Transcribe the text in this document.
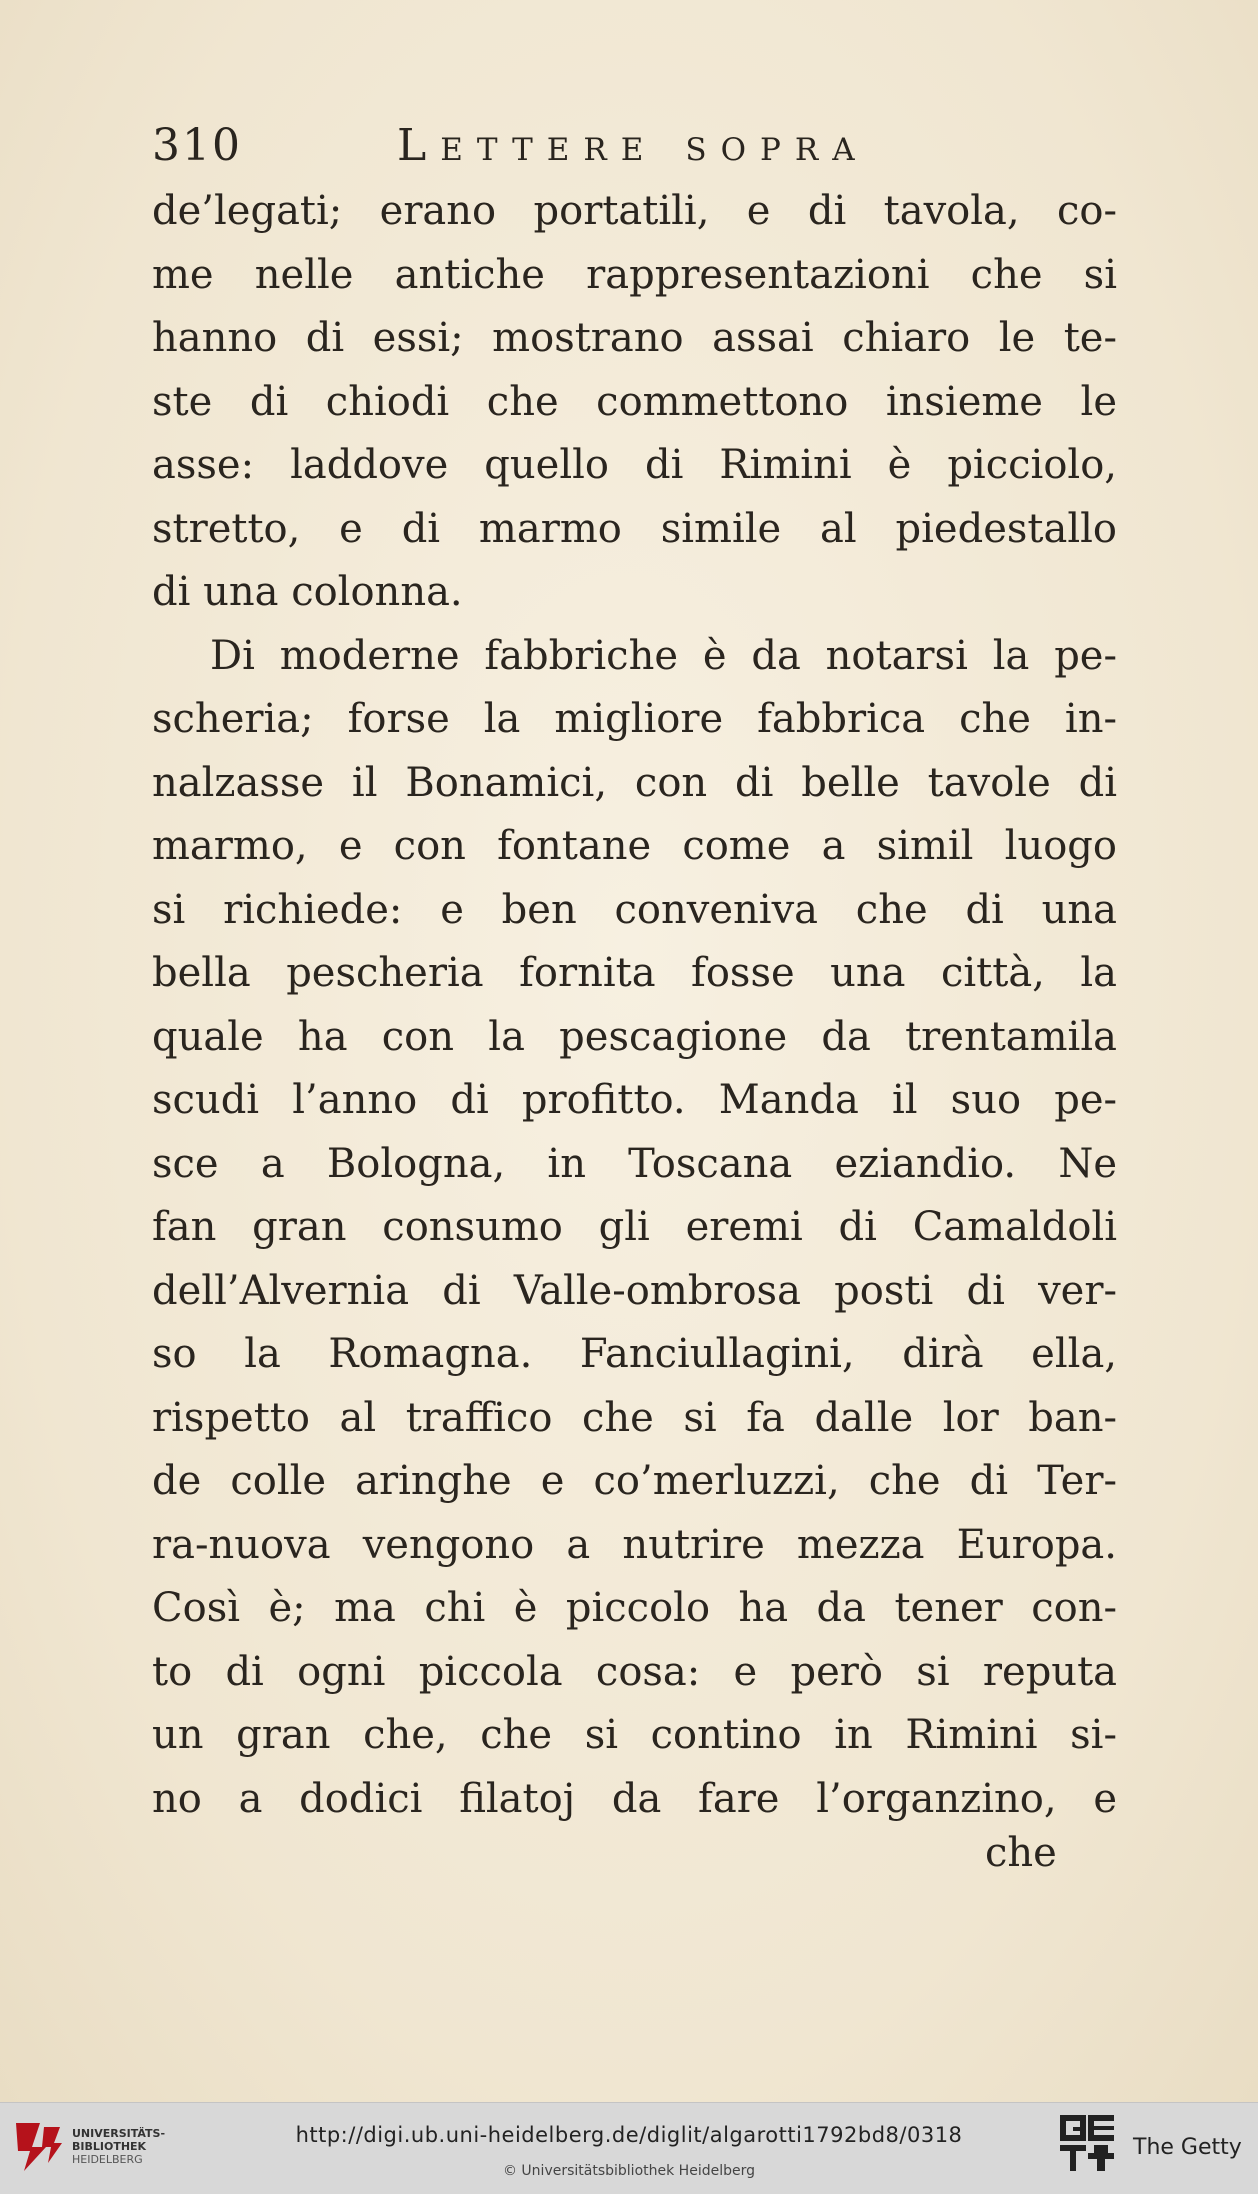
310	Lettere sopra
de’legati; erano portatili, e di tavola, co-
me nelle antiche rappresentazioni che si
hanno di essi; mostrano assai chiaro le te-
ste di chiodi che commettono insieme le
asse: laddove quello di Rimini è picciolo,
stretto, e di marmo simile al piedestallo
di una colonna.
Di moderne fabbriche è da notarsi la pe-
scheria; forse la migliore fabbrica che in-
nalzasse il Bonamici, con di belle tavole di
marmo, e con fontane come a simil luogo
si richiede: e ben conveniva che di una
bella pescheria fornita fosse una città, la
quale ha con la pescagione da trentamila
scudi l’anno di profitto. Manda il suo pe-
sce a Bologna, in Toscana eziandio. Ne
fan gran consumo gli eremi di Camaldoli
dell’Alvernia di Valle-ombrosa posti di ver-
so la Romagna. Fanciullagini, dirà ella,
rispetto al traffico che si fa dalle lor ban-
de colle aringhe e co’merluzzi, che di Ter-
ra-nuova vengono a nutrire mezza Europa.
Così è; ma chi è piccolo ha da tener con-
to di ogni piccola cosa: e però si reputa
un gran che, che si contino in Rimini si-
no a dodici filatoj da fare l’organzino, e
che
UNIVERSITÄTS-
BIBLIOTHEK
HEIDELBERG
http://digi.ub.uni-heidelberg.de/diglit/algarotti1792bd8/0318
© Universitätsbibliothek Heidelberg
The Getty
